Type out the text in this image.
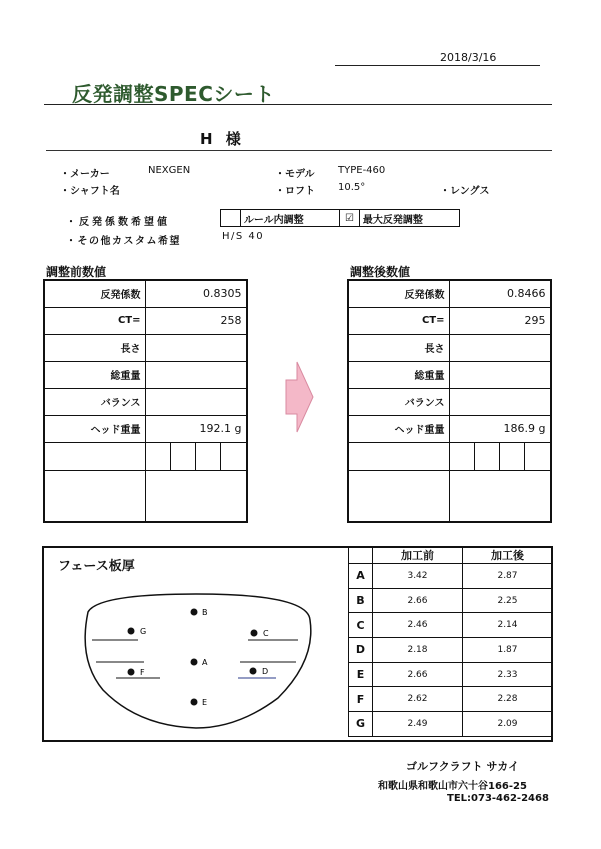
2018/3/16
反発調整SPECシート
H 様
・メーカー	NEXGEN	・モデル TYPE-460
・シャフト名	・ロフト 10.5°	・レングス
・反発係数希望値	ルール内調整	☑ 最大反発調整
・その他カスタム希望	H/S 40
調整前数値
反発係数	0.8305
CT=	258
長さ	
総重量	
バランス	
ヘッド重量	192.1 g

調整後数値
反発係数	0.8466
CT=	295
長さ	
総重量	
バランス	
ヘッド重量	186.9 g

フェース板厚
B
G	C
A
F	D
E
	加工前	加工後
A	3.42	2.87
B	2.66	2.25
C	2.46	2.14
D	2.18	1.87
E	2.66	2.33
F	2.62	2.28
G	2.49	2.09
ゴルフクラフト サカイ
和歌山県和歌山市六十谷166-25
TEL:073-462-2468
